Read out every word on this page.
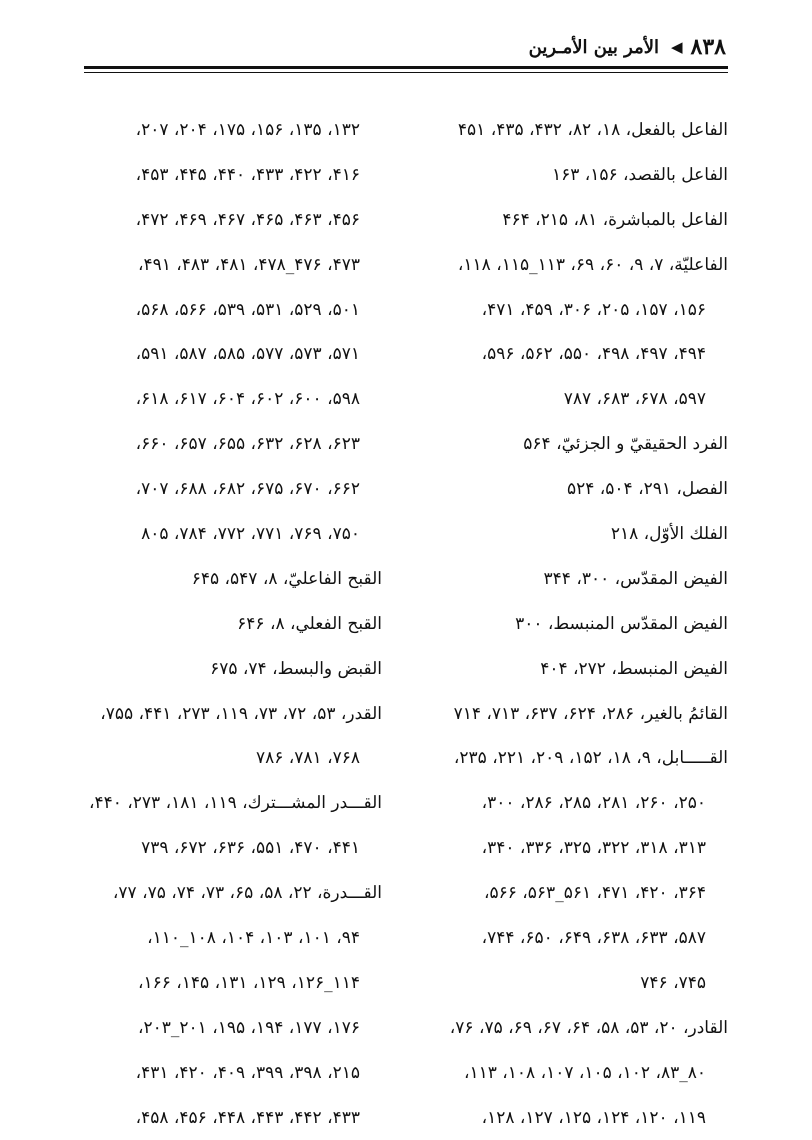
۸۳۸
◀
الأمر بين الأمـرين
الفاعل بالفعل، ۱۸، ۸۲، ۴۳۲، ۴۳۵، ۴۵۱
الفاعل بالقصد، ۱۵۶، ۱۶۳
الفاعل بالمباشرة، ۸۱، ۲۱۵، ۴۶۴
الفاعليّة، ۷، ۹، ۶۰، ۶۹، ۱۱۳_۱۱۵، ۱۱۸،
۱۵۶، ۱۵۷، ۲۰۵، ۳۰۶، ۴۵۹، ۴۷۱،
۴۹۴، ۴۹۷، ۴۹۸، ۵۵۰، ۵۶۲، ۵۹۶،
۵۹۷، ۶۷۸، ۶۸۳، ۷۸۷
الفرد الحقيقيّ و الجزئيّ، ۵۶۴
الفصل، ۲۹۱، ۵۰۴، ۵۲۴
الفلك الأوّل، ۲۱۸
الفيض المقدّس، ۳۰۰، ۳۴۴
الفيض المقدّس المنبسط، ۳۰۰
الفيض المنبسط، ۲۷۲، ۴۰۴
القائمُ بالغير، ۲۸۶، ۶۲۴، ۶۳۷، ۷۱۳، ۷۱۴
القـــــابل، ۹، ۱۸، ۱۵۲، ۲۰۹، ۲۲۱، ۲۳۵،
۲۵۰، ۲۶۰، ۲۸۱، ۲۸۵، ۲۸۶، ۳۰۰،
۳۱۳، ۳۱۸، ۳۲۲، ۳۲۵، ۳۳۶، ۳۴۰،
۳۶۴، ۴۲۰، ۴۷۱، ۵۶۱_۵۶۳، ۵۶۶،
۵۸۷، ۶۳۳، ۶۳۸، ۶۴۹، ۶۵۰، ۷۴۴،
۷۴۵، ۷۴۶
القادر، ۲۰، ۵۳، ۵۸، ۶۴، ۶۷، ۶۹، ۷۵، ۷۶،
۸۰_۸۳، ۱۰۲، ۱۰۵، ۱۰۷، ۱۰۸، ۱۱۳،
۱۱۹، ۱۲۰، ۱۲۴، ۱۲۵، ۱۲۷، ۱۲۸،
۱۳۲، ۱۳۵، ۱۵۶، ۱۷۵، ۲۰۴، ۲۰۷،
۴۱۶، ۴۲۲، ۴۳۳، ۴۴۰، ۴۴۵، ۴۵۳،
۴۵۶، ۴۶۳، ۴۶۵، ۴۶۷، ۴۶۹، ۴۷۲،
۴۷۳، ۴۷۶_۴۷۸، ۴۸۱، ۴۸۳، ۴۹۱،
۵۰۱، ۵۲۹، ۵۳۱، ۵۳۹، ۵۶۶، ۵۶۸،
۵۷۱، ۵۷۳، ۵۷۷، ۵۸۵، ۵۸۷، ۵۹۱،
۵۹۸، ۶۰۰، ۶۰۲، ۶۰۴، ۶۱۷، ۶۱۸،
۶۲۳، ۶۲۸، ۶۳۲، ۶۵۵، ۶۵۷، ۶۶۰،
۶۶۲، ۶۷۰، ۶۷۵، ۶۸۲، ۶۸۸، ۷۰۷،
۷۵۰، ۷۶۹، ۷۷۱، ۷۷۲، ۷۸۴، ۸۰۵
القبح الفاعليّ، ۸، ۵۴۷، ۶۴۵
القبح الفعلي، ۸، ۶۴۶
القبض والبسط، ۷۴، ۶۷۵
القدر، ۵۳، ۷۲، ۷۳، ۱۱۹، ۲۷۳، ۴۴۱، ۷۵۵،
۷۶۸، ۷۸۱، ۷۸۶
القـــدر المشـــترك، ۱۱۹، ۱۸۱، ۲۷۳، ۴۴۰،
۴۴۱، ۴۷۰، ۵۵۱، ۶۳۶، ۶۷۲، ۷۳۹
القـــدرة، ۲۲، ۵۸، ۶۵، ۷۳، ۷۴، ۷۵، ۷۷،
۹۴، ۱۰۱، ۱۰۳، ۱۰۴، ۱۰۸_۱۱۰،
۱۱۴_۱۲۶، ۱۲۹، ۱۳۱، ۱۴۵، ۱۶۶،
۱۷۶، ۱۷۷، ۱۹۴، ۱۹۵، ۲۰۱_۲۰۳،
۲۱۵، ۳۹۸، ۳۹۹، ۴۰۹، ۴۲۰، ۴۳۱،
۴۳۳، ۴۴۲، ۴۴۳، ۴۴۸، ۴۵۶، ۴۵۸،
